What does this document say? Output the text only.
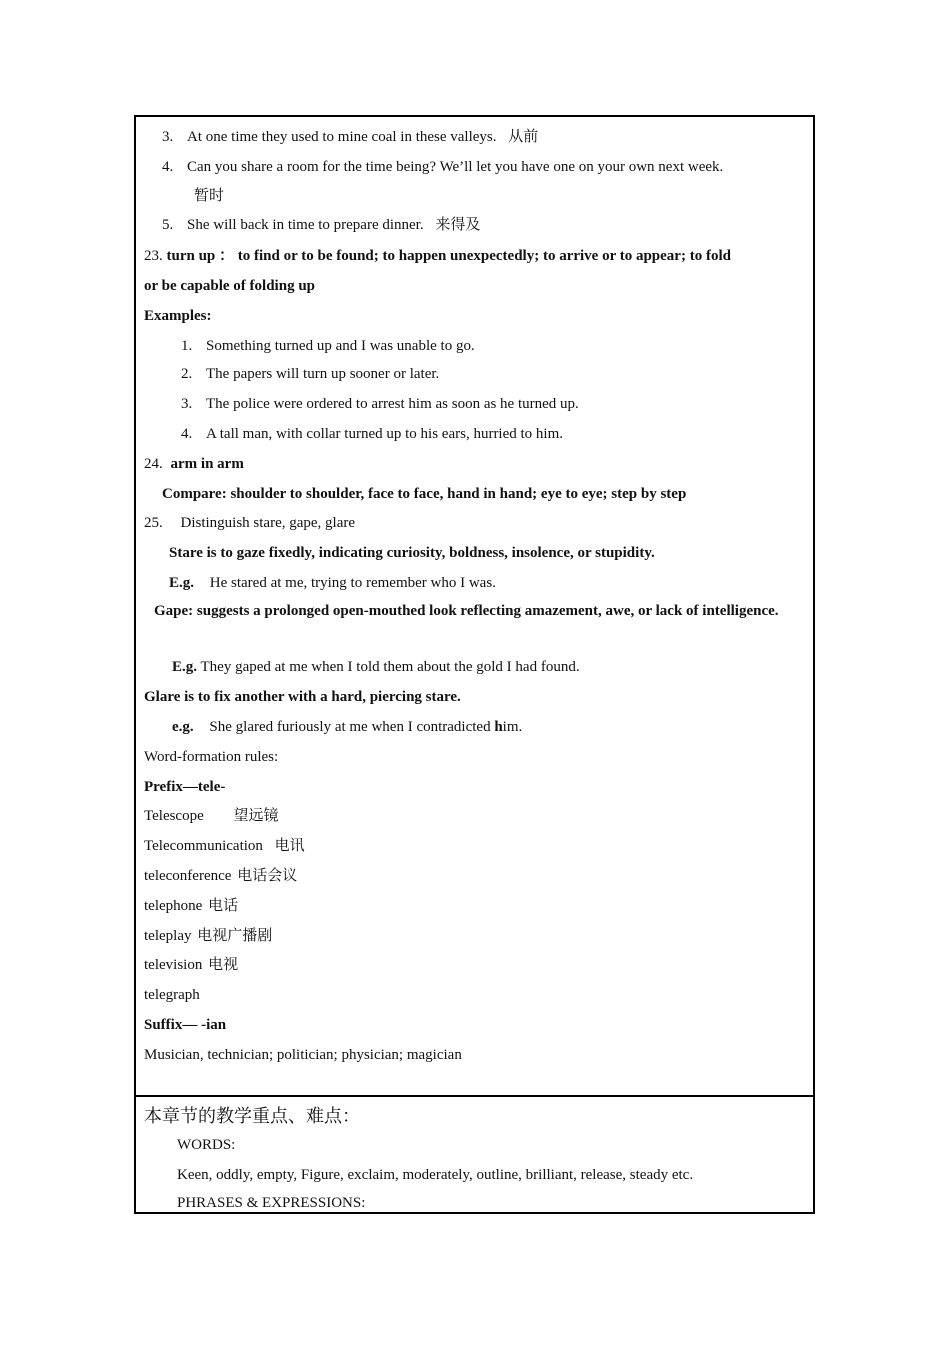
3. At one time they used to mine coal in these valleys. 从前
4. Can you share a room for the time being? We’ll let you have one on your own next week.
暂时
5. She will back in time to prepare dinner. 来得及
23. turn up ： to find or to be found; to happen unexpectedly; to arrive or to appear; to fold
or be capable of folding up
Examples:
1. Something turned up and I was unable to go.
2. The papers will turn up sooner or later.
3. The police were ordered to arrest him as soon as he turned up.
4. A tall man, with collar turned up to his ears, hurried to him.
24. arm in arm
Compare: shoulder to shoulder, face to face, hand in hand; eye to eye; step by step
25. Distinguish stare, gape, glare
Stare is to gaze fixedly, indicating curiosity, boldness, insolence, or stupidity.
E.g. He stared at me, trying to remember who I was.
Gape: suggests a prolonged open-mouthed look reflecting amazement, awe, or lack of intelligence.
E.g. They gaped at me when I told them about the gold I had found.
Glare is to fix another with a hard, piercing stare.
e.g. She glared furiously at me when I contradicted him.
Word-formation rules:
Prefix—tele-
Telescope 望远镜
Telecommunication 电讯
teleconference 电话会议
telephone 电话
teleplay 电视广播剧
television 电视
telegraph
Suffix— -ian
Musician, technician; politician; physician; magician
本章节的教学重点、难点：
WORDS:
Keen, oddly, empty, Figure, exclaim, moderately, outline, brilliant, release, steady etc.
PHRASES & EXPRESSIONS:
